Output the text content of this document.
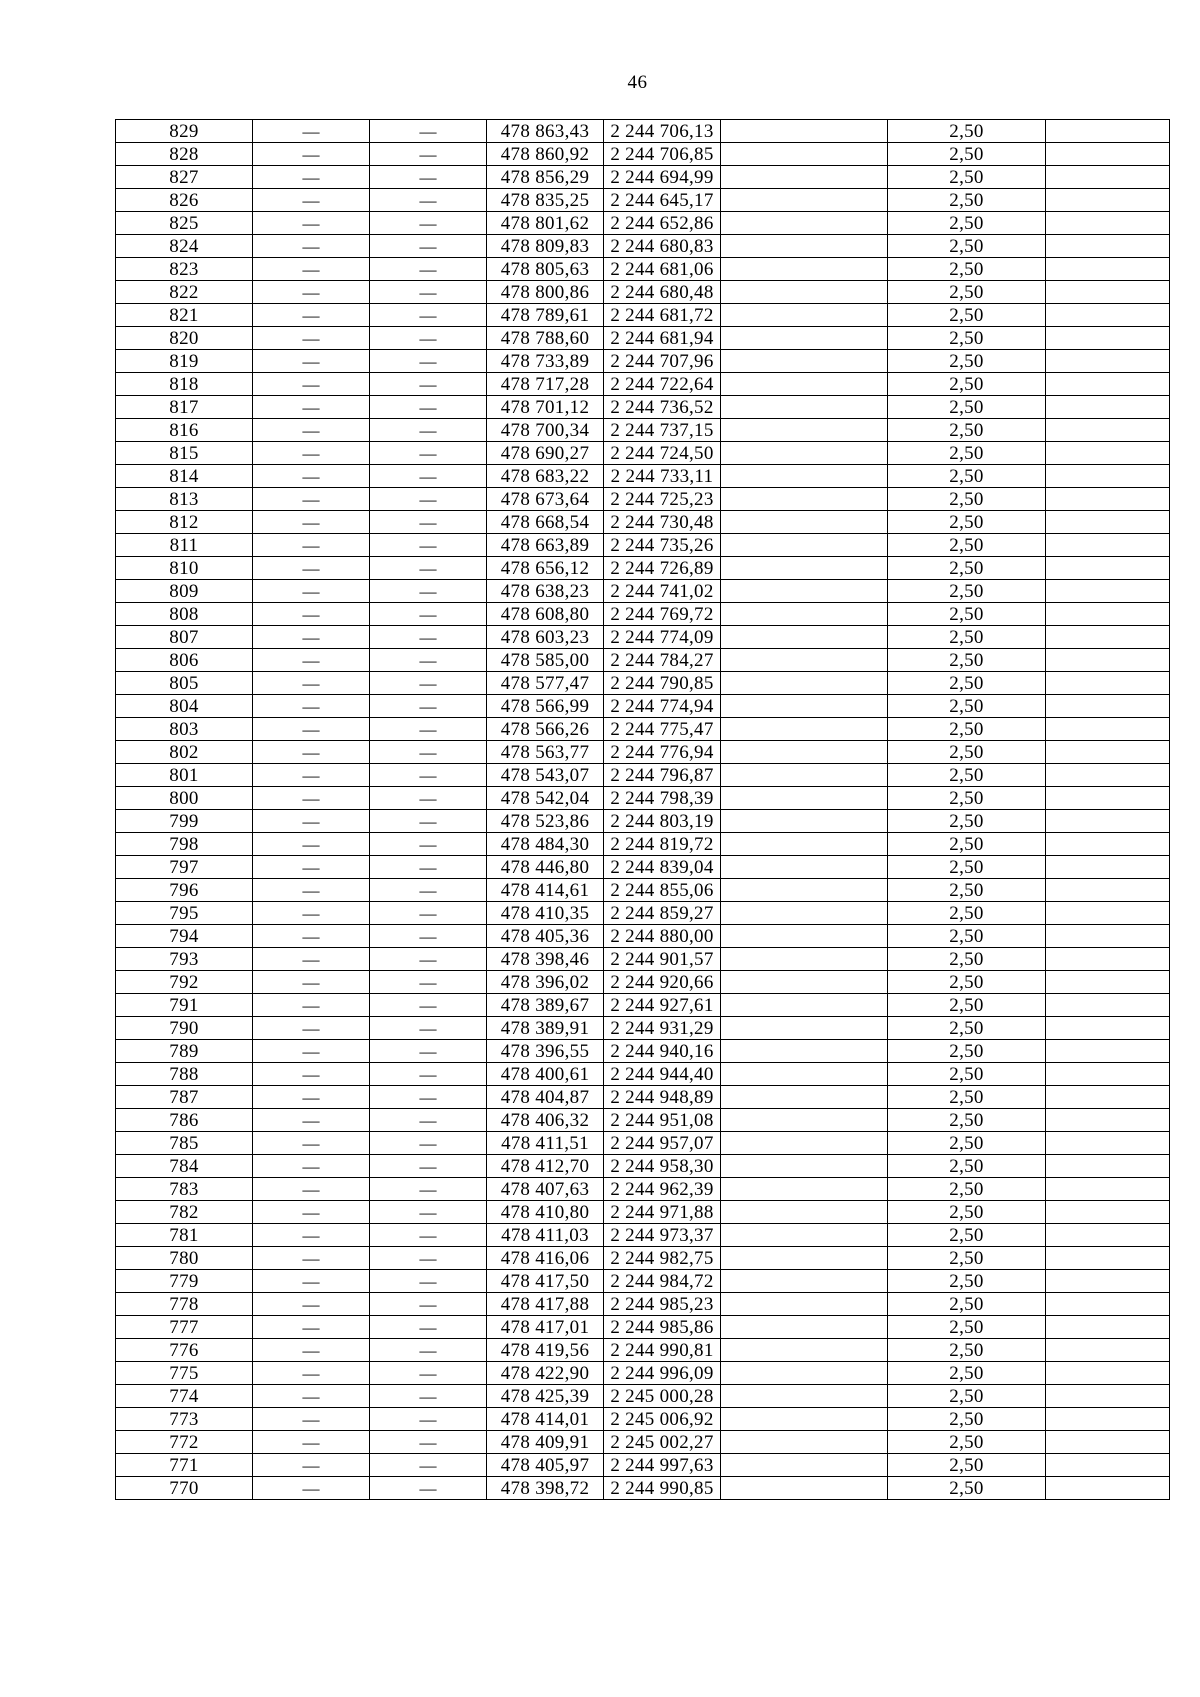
46
829	—	—	478 863,43	2 244 706,13		2,50	
828	—	—	478 860,92	2 244 706,85		2,50	
827	—	—	478 856,29	2 244 694,99		2,50	
826	—	—	478 835,25	2 244 645,17		2,50	
825	—	—	478 801,62	2 244 652,86		2,50	
824	—	—	478 809,83	2 244 680,83		2,50	
823	—	—	478 805,63	2 244 681,06		2,50	
822	—	—	478 800,86	2 244 680,48		2,50	
821	—	—	478 789,61	2 244 681,72		2,50	
820	—	—	478 788,60	2 244 681,94		2,50	
819	—	—	478 733,89	2 244 707,96		2,50	
818	—	—	478 717,28	2 244 722,64		2,50	
817	—	—	478 701,12	2 244 736,52		2,50	
816	—	—	478 700,34	2 244 737,15		2,50	
815	—	—	478 690,27	2 244 724,50		2,50	
814	—	—	478 683,22	2 244 733,11		2,50	
813	—	—	478 673,64	2 244 725,23		2,50	
812	—	—	478 668,54	2 244 730,48		2,50	
811	—	—	478 663,89	2 244 735,26		2,50	
810	—	—	478 656,12	2 244 726,89		2,50	
809	—	—	478 638,23	2 244 741,02		2,50	
808	—	—	478 608,80	2 244 769,72		2,50	
807	—	—	478 603,23	2 244 774,09		2,50	
806	—	—	478 585,00	2 244 784,27		2,50	
805	—	—	478 577,47	2 244 790,85		2,50	
804	—	—	478 566,99	2 244 774,94		2,50	
803	—	—	478 566,26	2 244 775,47		2,50	
802	—	—	478 563,77	2 244 776,94		2,50	
801	—	—	478 543,07	2 244 796,87		2,50	
800	—	—	478 542,04	2 244 798,39		2,50	
799	—	—	478 523,86	2 244 803,19		2,50	
798	—	—	478 484,30	2 244 819,72		2,50	
797	—	—	478 446,80	2 244 839,04		2,50	
796	—	—	478 414,61	2 244 855,06		2,50	
795	—	—	478 410,35	2 244 859,27		2,50	
794	—	—	478 405,36	2 244 880,00		2,50	
793	—	—	478 398,46	2 244 901,57		2,50	
792	—	—	478 396,02	2 244 920,66		2,50	
791	—	—	478 389,67	2 244 927,61		2,50	
790	—	—	478 389,91	2 244 931,29		2,50	
789	—	—	478 396,55	2 244 940,16		2,50	
788	—	—	478 400,61	2 244 944,40		2,50	
787	—	—	478 404,87	2 244 948,89		2,50	
786	—	—	478 406,32	2 244 951,08		2,50	
785	—	—	478 411,51	2 244 957,07		2,50	
784	—	—	478 412,70	2 244 958,30		2,50	
783	—	—	478 407,63	2 244 962,39		2,50	
782	—	—	478 410,80	2 244 971,88		2,50	
781	—	—	478 411,03	2 244 973,37		2,50	
780	—	—	478 416,06	2 244 982,75		2,50	
779	—	—	478 417,50	2 244 984,72		2,50	
778	—	—	478 417,88	2 244 985,23		2,50	
777	—	—	478 417,01	2 244 985,86		2,50	
776	—	—	478 419,56	2 244 990,81		2,50	
775	—	—	478 422,90	2 244 996,09		2,50	
774	—	—	478 425,39	2 245 000,28		2,50	
773	—	—	478 414,01	2 245 006,92		2,50	
772	—	—	478 409,91	2 245 002,27		2,50	
771	—	—	478 405,97	2 244 997,63		2,50	
770	—	—	478 398,72	2 244 990,85		2,50	
